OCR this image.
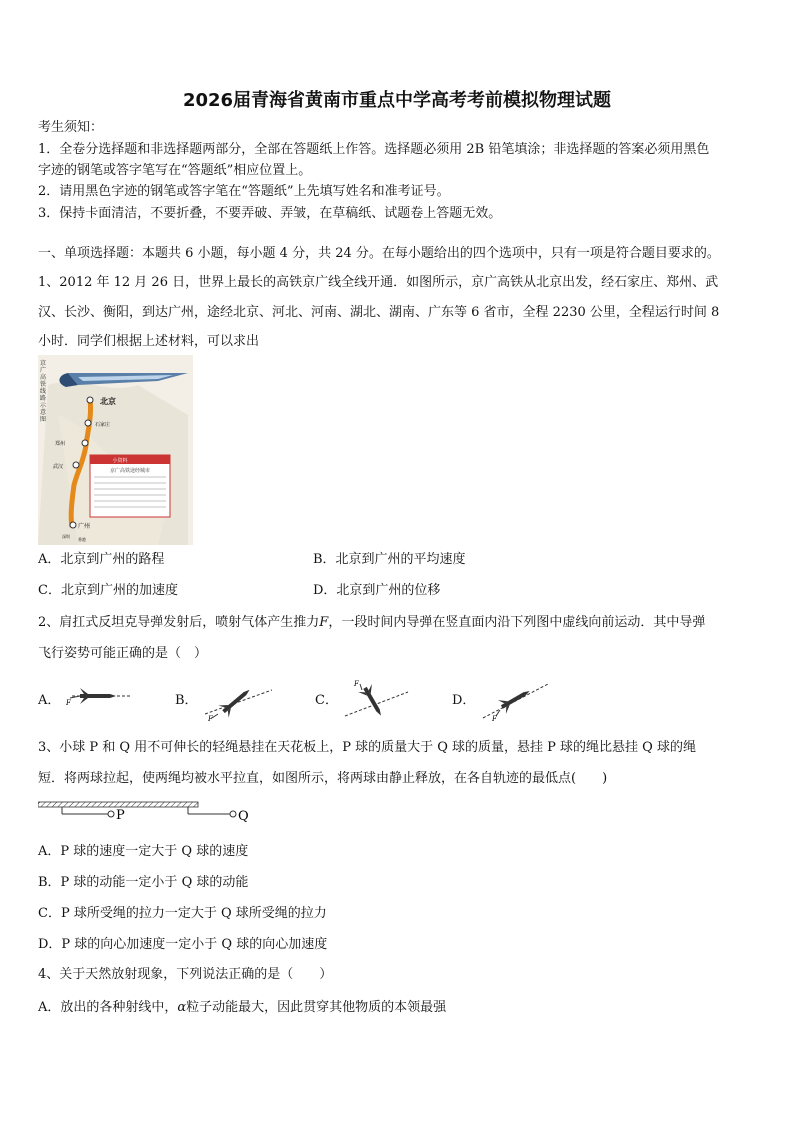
2026届青海省黄南市重点中学高考考前模拟物理试题
考生须知：
1．全卷分选择题和非选择题两部分，全部在答题纸上作答。选择题必须用 2B 铅笔填涂；非选择题的答案必须用黑色
字迹的钢笔或答字笔写在“答题纸”相应位置上。
2．请用黑色字迹的钢笔或答字笔在“答题纸”上先填写姓名和准考证号。
3．保持卡面清洁，不要折叠，不要弄破、弄皱，在草稿纸、试题卷上答题无效。
一、单项选择题：本题共 6 小题，每小题 4 分，共 24 分。在每小题给出的四个选项中，只有一项是符合题目要求的。
1、2012 年 12 月 26 日，世界上最长的高铁京广线全线开通．如图所示，京广高铁从北京出发，经石家庄、郑州、武
汉、长沙、衡阳，到达广州，途经北京、河北、河南、湖北、湖南、广东等 6 省市，全程 2230 公里，全程运行时间 8
小时．同学们根据上述材料，可以求出
北京
石家庄
郑州
武汉
广州
深圳
香港
小资料
京广高铁途经城市
京广高铁线路示意图
A．北京到广州的路程	B．北京到广州的平均速度
C．北京到广州的加速度	D．北京到广州的位移
2、肩扛式反坦克导弹发射后，喷射气体产生推力F，一段时间内导弹在竖直面内沿下列图中虚线向前运动．其中导弹
飞行姿势可能正确的是（　）
A． F	B．
F
C．
F
D．
F
3、小球 P 和 Q 用不可伸长的轻绳悬挂在天花板上，P 球的质量大于 Q 球的质量，悬挂 P 球的绳比悬挂 Q 球的绳
短．将两球拉起，使两绳均被水平拉直，如图所示，将两球由静止释放，在各自轨迹的最低点(　　)
P	Q
A．P 球的速度一定大于 Q 球的速度
B．P 球的动能一定小于 Q 球的动能
C．P 球所受绳的拉力一定大于 Q 球所受绳的拉力
D．P 球的向心加速度一定小于 Q 球的向心加速度
4、关于天然放射现象，下列说法正确的是（　　）
A．放出的各种射线中，α粒子动能最大，因此贯穿其他物质的本领最强
